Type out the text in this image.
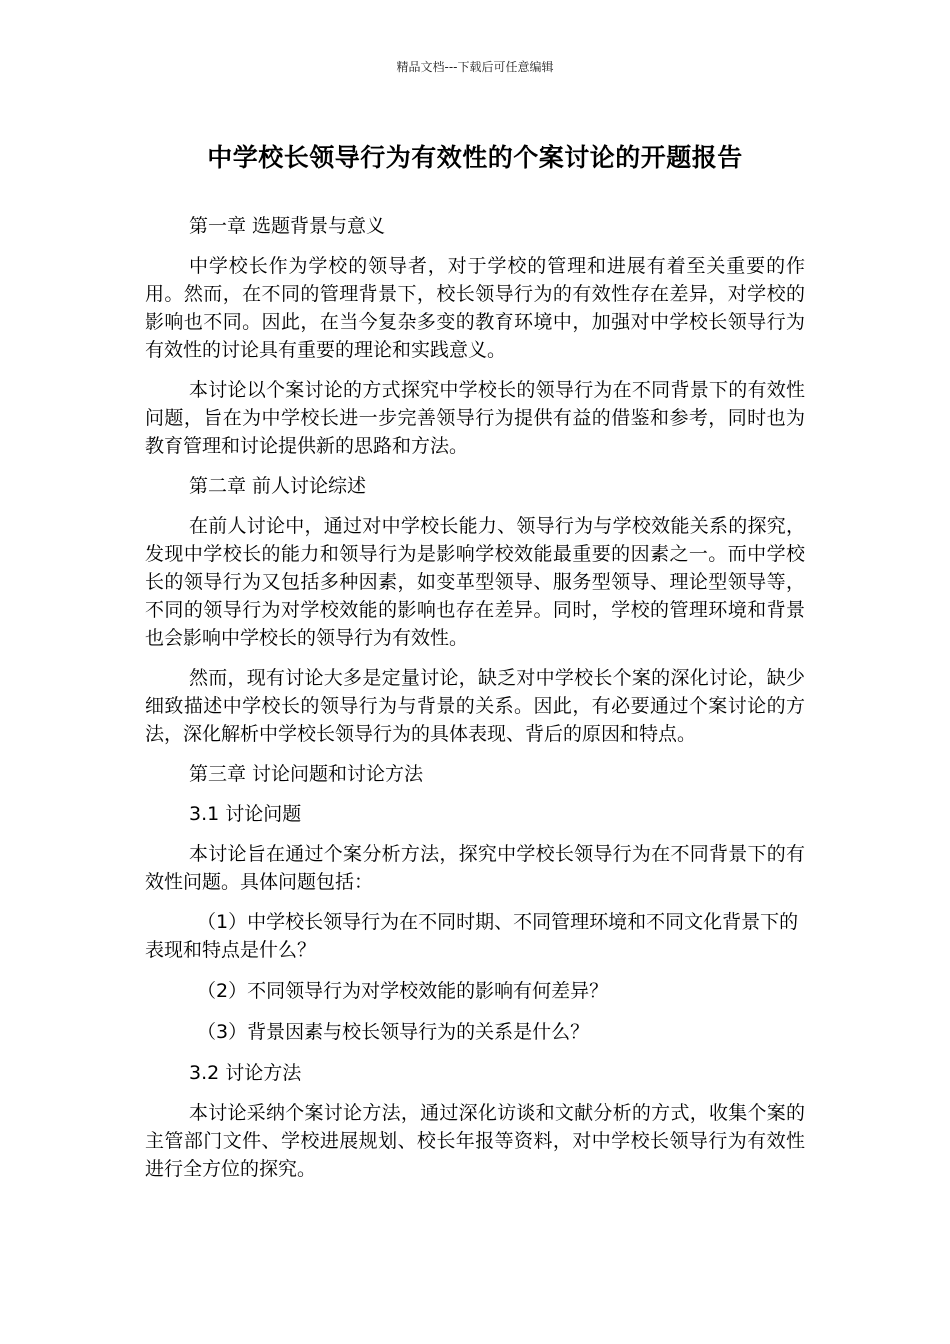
精品文档---下载后可任意编辑
中学校长领导行为有效性的个案讨论的开题报告

第一章 选题背景与意义

中学校长作为学校的领导者，对于学校的管理和进展有着至关重要的作用。然而，在不同的管理背景下，校长领导行为的有效性存在差异，对学校的影响也不同。因此，在当今复杂多变的教育环境中，加强对中学校长领导行为有效性的讨论具有重要的理论和实践意义。

本讨论以个案讨论的方式探究中学校长的领导行为在不同背景下的有效性问题，旨在为中学校长进一步完善领导行为提供有益的借鉴和参考，同时也为教育管理和讨论提供新的思路和方法。

第二章 前人讨论综述

在前人讨论中，通过对中学校长能力、领导行为与学校效能关系的探究，发现中学校长的能力和领导行为是影响学校效能最重要的因素之一。而中学校长的领导行为又包括多种因素，如变革型领导、服务型领导、理论型领导等，不同的领导行为对学校效能的影响也存在差异。同时，学校的管理环境和背景也会影响中学校长的领导行为有效性。

然而，现有讨论大多是定量讨论，缺乏对中学校长个案的深化讨论，缺少细致描述中学校长的领导行为与背景的关系。因此，有必要通过个案讨论的方法，深化解析中学校长领导行为的具体表现、背后的原因和特点。

第三章 讨论问题和讨论方法

3.1 讨论问题

本讨论旨在通过个案分析方法，探究中学校长领导行为在不同背景下的有效性问题。具体问题包括：

（1）中学校长领导行为在不同时期、不同管理环境和不同文化背景下的表现和特点是什么？

（2）不同领导行为对学校效能的影响有何差异？

（3）背景因素与校长领导行为的关系是什么？

3.2 讨论方法

本讨论采纳个案讨论方法，通过深化访谈和文献分析的方式，收集个案的主管部门文件、学校进展规划、校长年报等资料，对中学校长领导行为有效性进行全方位的探究。
